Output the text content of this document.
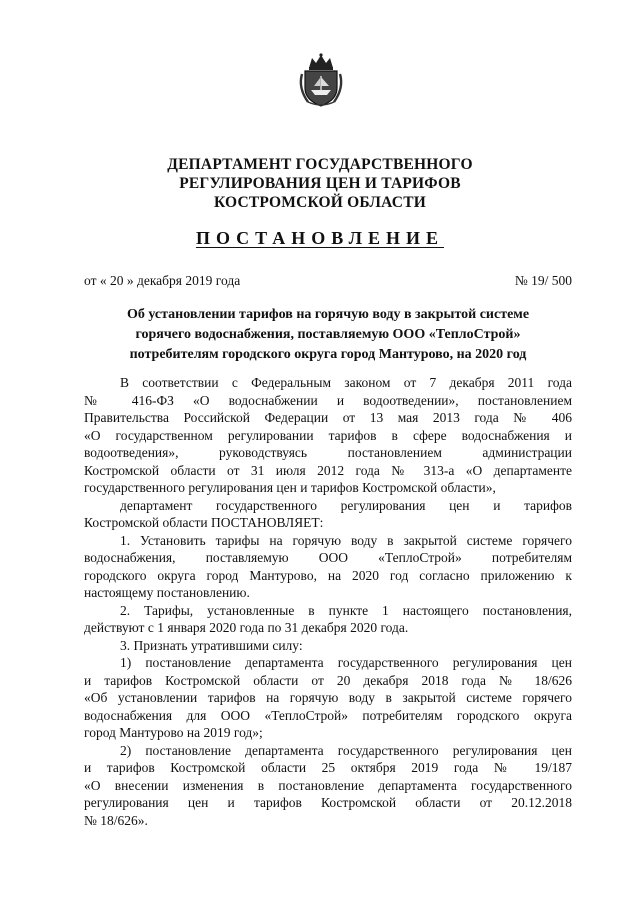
ДЕПАРТАМЕНТ ГОСУДАРСТВЕННОГО
РЕГУЛИРОВАНИЯ ЦЕН И ТАРИФОВ
КОСТРОМСКОЙ ОБЛАСТИ
ПОСТАНОВЛЕНИЕ
от « 20 » декабря 2019 года	№ 19/ 500
Об установлении тарифов на горячую воду в закрытой системе
горячего водоснабжения, поставляемую ООО «ТеплоСтрой»
потребителям городского округа город Мантурово, на 2020 год
В соответствии с Федеральным законом от 7 декабря 2011 года
№ 416-ФЗ «О водоснабжении и водоотведении», постановлением
Правительства Российской Федерации от 13 мая 2013 года № 406
«О государственном регулировании тарифов в сфере водоснабжения и
водоотведения», руководствуясь постановлением администрации
Костромской области от 31 июля 2012 года № 313-а «О департаменте
государственного регулирования цен и тарифов Костромской области»,
департамент государственного регулирования цен и тарифов
Костромской области ПОСТАНОВЛЯЕТ:
1. Установить тарифы на горячую воду в закрытой системе горячего
водоснабжения, поставляемую ООО «ТеплоСтрой» потребителям
городского округа город Мантурово, на 2020 год согласно приложению к
настоящему постановлению.
2. Тарифы, установленные в пункте 1 настоящего постановления,
действуют с 1 января 2020 года по 31 декабря 2020 года.
3. Признать утратившими силу:
1) постановление департамента государственного регулирования цен
и тарифов Костромской области от 20 декабря 2018 года № 18/626
«Об установлении тарифов на горячую воду в закрытой системе горячего
водоснабжения для ООО «ТеплоСтрой» потребителям городского округа
город Мантурово на 2019 год»;
2) постановление департамента государственного регулирования цен
и тарифов Костромской области 25 октября 2019 года № 19/187
«О внесении изменения в постановление департамента государственного
регулирования цен и тарифов Костромской области от 20.12.2018
№ 18/626».
